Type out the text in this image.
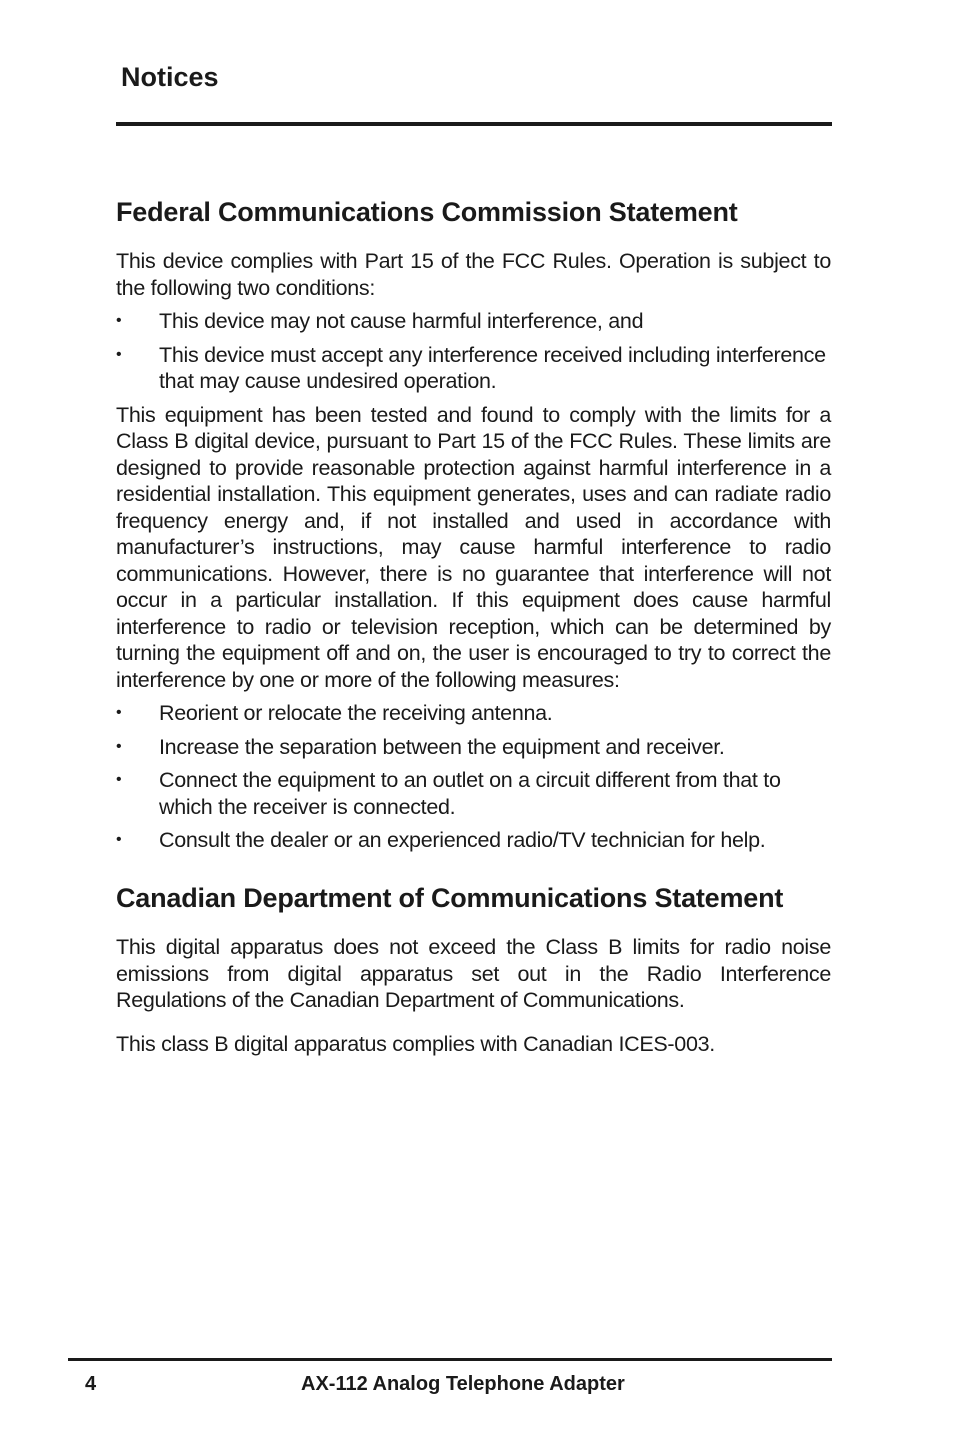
Notices
Federal Communications Commission Statement

This device complies with Part 15 of the FCC Rules. Operation is subject to the following two conditions:

• This device may not cause harmful interference, and
• This device must accept any interference received including interference that may cause undesired operation.

This equipment has been tested and found to comply with the limits for a Class B digital device, pursuant to Part 15 of the FCC Rules. These limits are designed to provide reasonable protection against harmful interference in a residential installation. This equipment generates, uses and can radiate radio frequency energy and, if not installed and used in accordance with manufacturer’s instructions, may cause harmful interference to radio communications. However, there is no guarantee that interference will not occur in a particular installation. If this equipment does cause harmful interference to radio or television reception, which can be determined by turning the equipment off and on, the user is encouraged to try to correct the interference by one or more of the following measures:

• Reorient or relocate the receiving antenna.
• Increase the separation between the equipment and receiver.
• Connect the equipment to an outlet on a circuit different from that to which the receiver is connected.
• Consult the dealer or an experienced radio/TV technician for help.
Canadian Department of Communications Statement

This digital apparatus does not exceed the Class B limits for radio noise emissions from digital apparatus set out in the Radio Interference Regulations of the Canadian Department of Communications.

This class B digital apparatus complies with Canadian ICES-003.

4	AX-112 Analog Telephone Adapter
